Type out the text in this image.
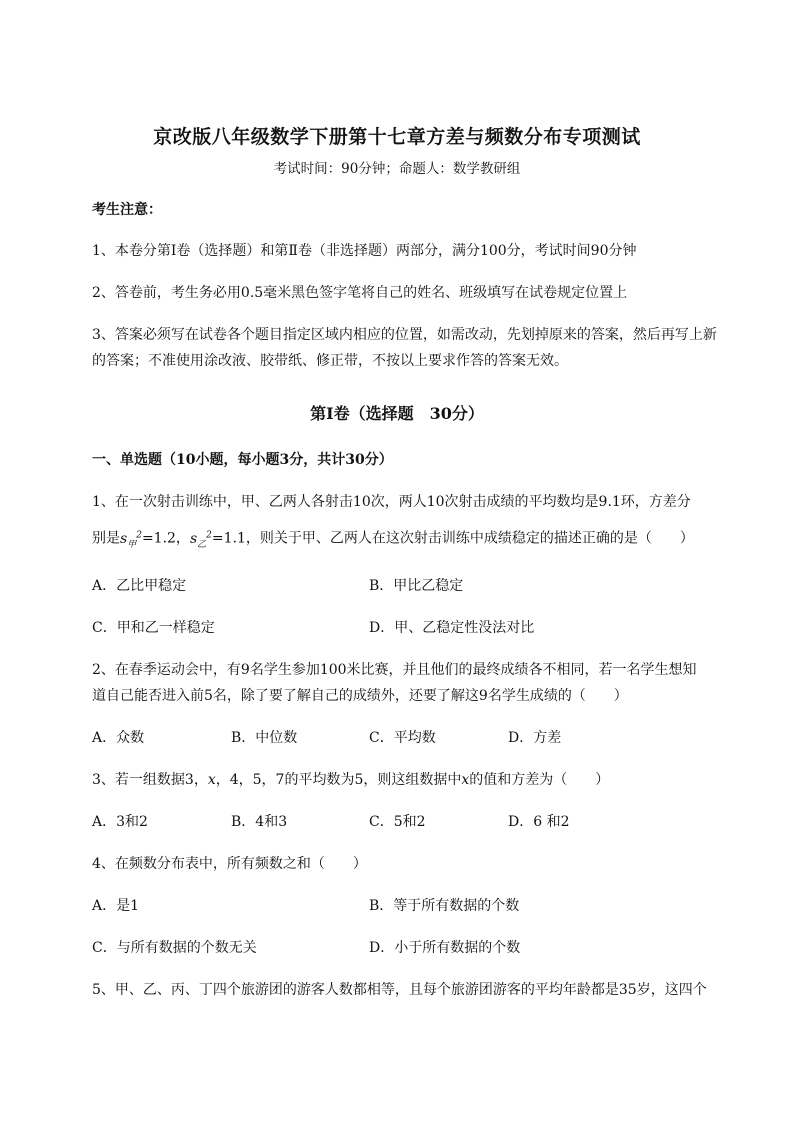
京改版八年级数学下册第十七章方差与频数分布专项测试
考试时间：90分钟；命题人：数学教研组
考生注意：
1、本卷分第I卷（选择题）和第Ⅱ卷（非选择题）两部分，满分100分，考试时间90分钟
2、答卷前，考生务必用0.5毫米黑色签字笔将自己的姓名、班级填写在试卷规定位置上
3、答案必须写在试卷各个题目指定区域内相应的位置，如需改动，先划掉原来的答案，然后再写上新
的答案；不准使用涂改液、胶带纸、修正带，不按以上要求作答的答案无效。
第I卷（选择题　30分）
一、单选题（10小题，每小题3分，共计30分）
1、在一次射击训练中，甲、乙两人各射击10次，两人10次射击成绩的平均数均是9.1环，方差分
别是$s_甲^2=1.2$，$s_乙^2=1.1$，则关于甲、乙两人在这次射击训练中成绩稳定的描述正确的是（　　）
A．乙比甲稳定	B．甲比乙稳定
C．甲和乙一样稳定	D．甲、乙稳定性没法对比
2、在春季运动会中，有9名学生参加100米比赛，并且他们的最终成绩各不相同，若一名学生想知
道自己能否进入前5名，除了要了解自己的成绩外，还要了解这9名学生成绩的（　　）
A．众数	B．中位数	C．平均数	D．方差
3、若一组数据3，x，4，5，7的平均数为5，则这组数据中x的值和方差为（　　）
A．3和2	B．4和3	C．5和2	D．6 和2
4、在频数分布表中，所有频数之和（　　）
A．是1	B．等于所有数据的个数
C．与所有数据的个数无关	D．小于所有数据的个数
5、甲、乙、丙、丁四个旅游团的游客人数都相等，且每个旅游团游客的平均年龄都是35岁，这四个
